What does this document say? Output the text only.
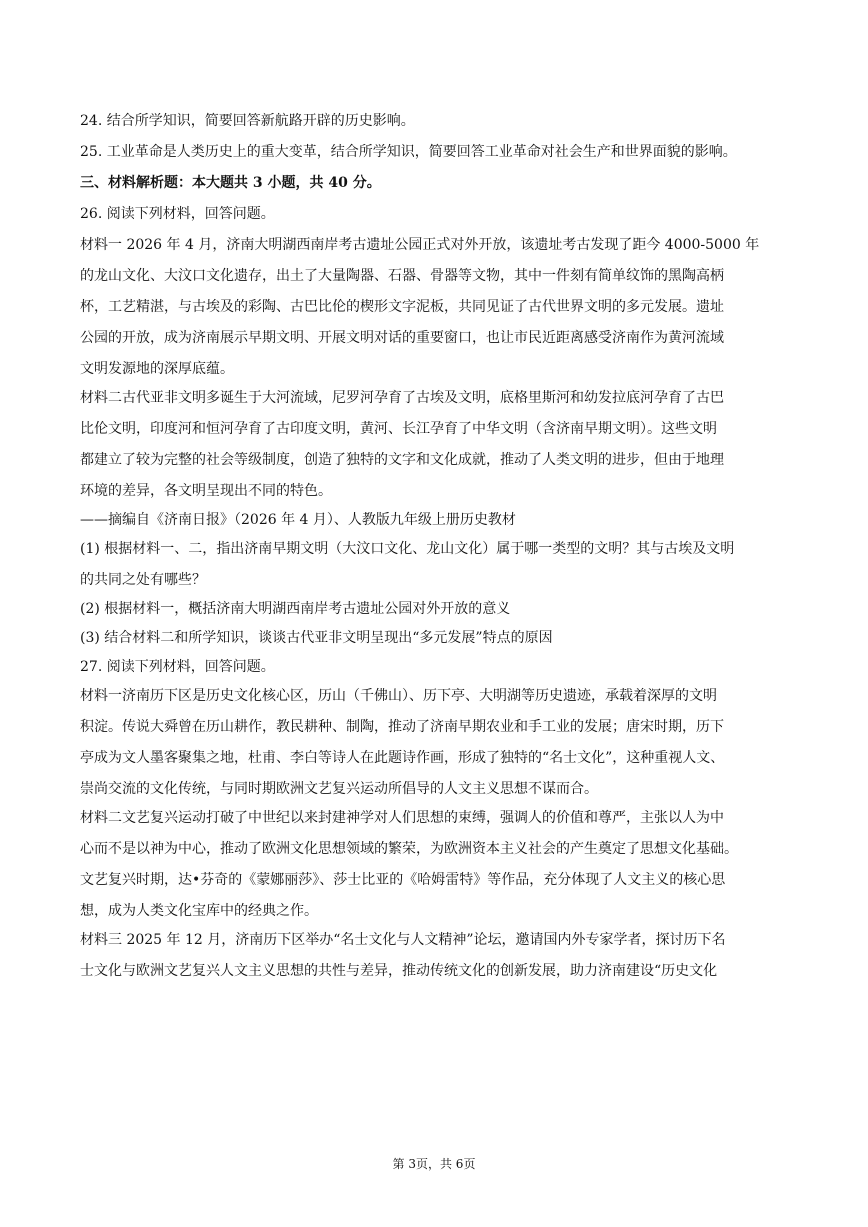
24. 结合所学知识，简要回答新航路开辟的历史影响。

25. 工业革命是人类历史上的重大变革，结合所学知识，简要回答工业革命对社会生产和世界面貌的影响。

三、材料解析题：本大题共 3 小题，共 40 分。

26. 阅读下列材料，回答问题。

材料一 2026 年 4 月，济南大明湖西南岸考古遗址公园正式对外开放，该遗址考古发现了距今 4000-5000 年

的龙山文化、大汶口文化遗存，出土了大量陶器、石器、骨器等文物，其中一件刻有简单纹饰的黑陶高柄

杯，工艺精湛，与古埃及的彩陶、古巴比伦的楔形文字泥板，共同见证了古代世界文明的多元发展。遗址

公园的开放，成为济南展示早期文明、开展文明对话的重要窗口，也让市民近距离感受济南作为黄河流域

文明发源地的深厚底蕴。

材料二古代亚非文明多诞生于大河流域，尼罗河孕育了古埃及文明，底格里斯河和幼发拉底河孕育了古巴

比伦文明，印度河和恒河孕育了古印度文明，黄河、长江孕育了中华文明（含济南早期文明）。这些文明

都建立了较为完整的社会等级制度，创造了独特的文字和文化成就，推动了人类文明的进步，但由于地理

环境的差异，各文明呈现出不同的特色。

——摘编自《济南日报》（2026 年 4 月）、人教版九年级上册历史教材

(1) 根据材料一、二，指出济南早期文明（大汶口文化、龙山文化）属于哪一类型的文明？其与古埃及文明

的共同之处有哪些？

(2) 根据材料一，概括济南大明湖西南岸考古遗址公园对外开放的意义

(3) 结合材料二和所学知识，谈谈古代亚非文明呈现出“多元发展”特点的原因

27. 阅读下列材料，回答问题。

材料一济南历下区是历史文化核心区，历山（千佛山）、历下亭、大明湖等历史遗迹，承载着深厚的文明

积淀。传说大舜曾在历山耕作，教民耕种、制陶，推动了济南早期农业和手工业的发展；唐宋时期，历下

亭成为文人墨客聚集之地，杜甫、李白等诗人在此题诗作画，形成了独特的“名士文化”，这种重视人文、

崇尚交流的文化传统，与同时期欧洲文艺复兴运动所倡导的人文主义思想不谋而合。

材料二文艺复兴运动打破了中世纪以来封建神学对人们思想的束缚，强调人的价值和尊严，主张以人为中

心而不是以神为中心，推动了欧洲文化思想领域的繁荣，为欧洲资本主义社会的产生奠定了思想文化基础。

文艺复兴时期，达•芬奇的《蒙娜丽莎》、莎士比亚的《哈姆雷特》等作品，充分体现了人文主义的核心思

想，成为人类文化宝库中的经典之作。

材料三 2025 年 12 月，济南历下区举办“名士文化与人文精神”论坛，邀请国内外专家学者，探讨历下名

士文化与欧洲文艺复兴人文主义思想的共性与差异，推动传统文化的创新发展，助力济南建设“历史文化

第 3页，共 6页
